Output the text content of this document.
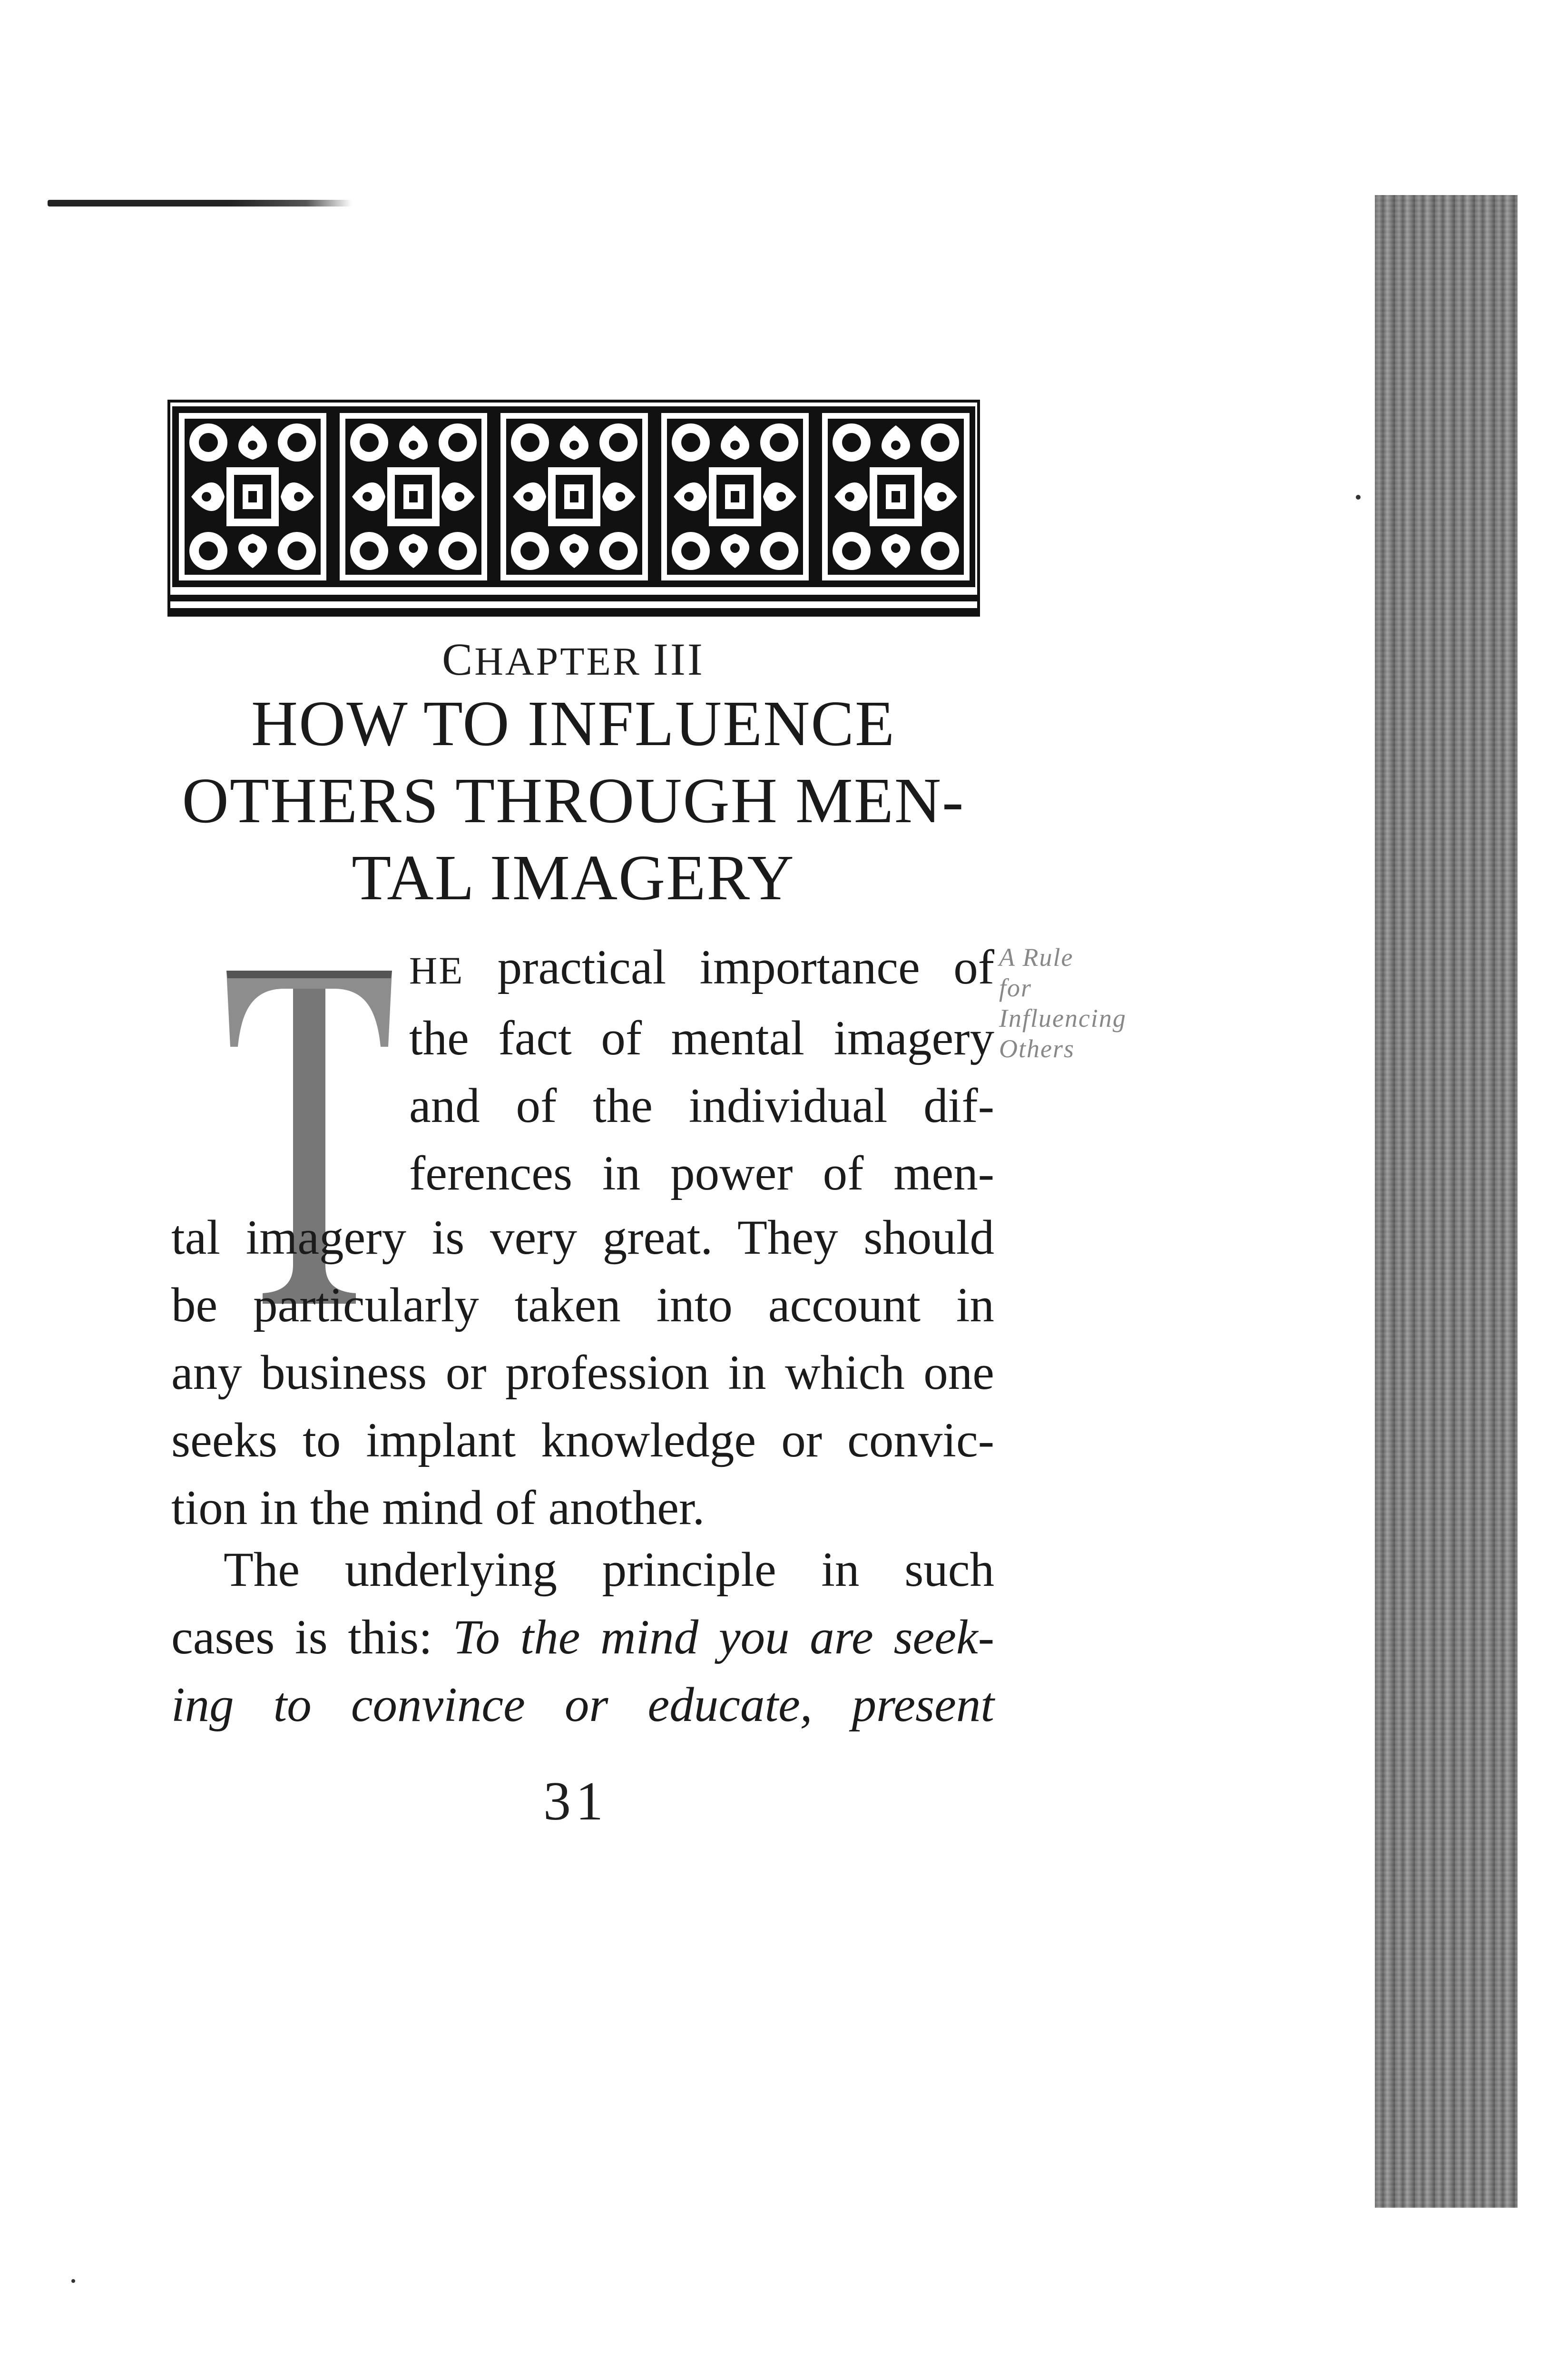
CHAPTER III
HOW TO INFLUENCE
OTHERS THROUGH MEN-
TAL IMAGERY
HE practical importance of
the fact of mental imagery
and of the individual dif-
ferences in power of men-
tal imagery is very great. They should
be particularly taken into account in
any business or profession in which one
seeks to implant knowledge or convic-
tion in the mind of another.
The underlying principle in such
cases is this: To the mind you are seek-
ing to convince or educate, present
A Rule
for
Influencing
Others
31
